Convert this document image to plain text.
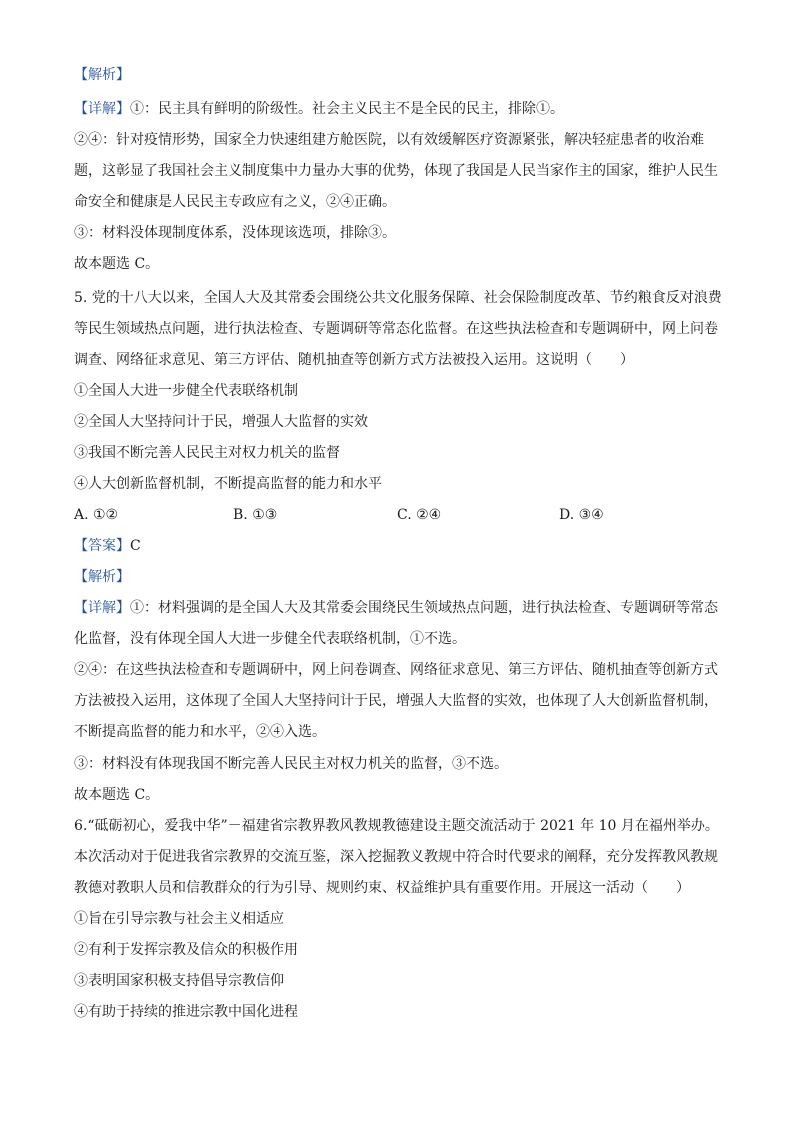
【解析】
【详解】①：民主具有鲜明的阶级性。社会主义民主不是全民的民主，排除①。
②④：针对疫情形势，国家全力快速组建方舱医院，以有效缓解医疗资源紧张，解决轻症患者的收治难
题，这彰显了我国社会主义制度集中力量办大事的优势，体现了我国是人民当家作主的国家，维护人民生
命安全和健康是人民民主专政应有之义，②④正确。
③：材料没体现制度体系，没体现该选项，排除③。
故本题选 C。
5. 党的十八大以来，全国人大及其常委会围绕公共文化服务保障、社会保险制度改革、节约粮食反对浪费
等民生领域热点问题，进行执法检查、专题调研等常态化监督。在这些执法检查和专题调研中，网上问卷
调查、网络征求意见、第三方评估、随机抽查等创新方式方法被投入运用。这说明（　　）
①全国人大进一步健全代表联络机制
②全国人大坚持问计于民，增强人大监督的实效
③我国不断完善人民民主对权力机关的监督
④人大创新监督机制，不断提高监督的能力和水平
A. ①②	B. ①③	C. ②④	D. ③④
【答案】C
【解析】
【详解】①：材料强调的是全国人大及其常委会围绕民生领域热点问题，进行执法检查、专题调研等常态
化监督，没有体现全国人大进一步健全代表联络机制，①不选。
②④：在这些执法检查和专题调研中，网上问卷调查、网络征求意见、第三方评估、随机抽查等创新方式
方法被投入运用，这体现了全国人大坚持问计于民，增强人大监督的实效，也体现了人大创新监督机制，
不断提高监督的能力和水平，②④入选。
③：材料没有体现我国不断完善人民民主对权力机关的监督，③不选。
故本题选 C。
6.“砥砺初心，爱我中华”－福建省宗教界教风教规教德建设主题交流活动于 2021 年 10 月在福州举办。
本次活动对于促进我省宗教界的交流互鉴，深入挖掘教义教规中符合时代要求的阐释，充分发挥教风教规
教德对教职人员和信教群众的行为引导、规则约束、权益维护具有重要作用。开展这一活动（　　）
①旨在引导宗教与社会主义相适应
②有利于发挥宗教及信众的积极作用
③表明国家积极支持倡导宗教信仰
④有助于持续的推进宗教中国化进程
